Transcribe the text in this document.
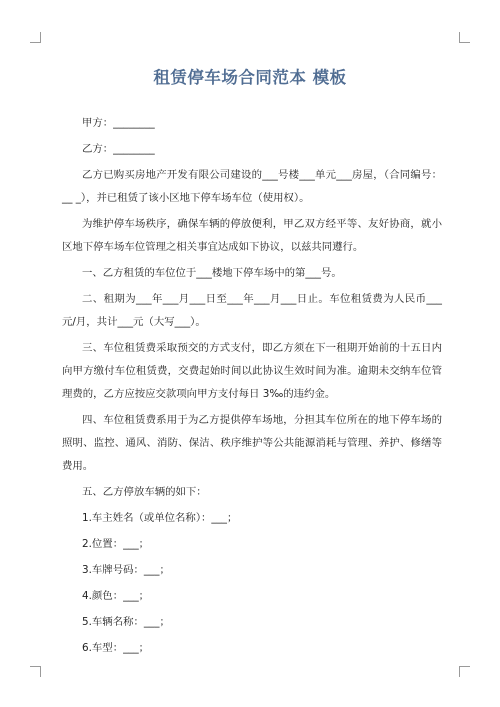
租赁停车场合同范本 模板

甲方：________

乙方：________

乙方已购买房地产开发有限公司建设的___号楼___单元___房屋，（合同编号：__ _），并已租赁了该小区地下停车场车位（使用权）。

为维护停车场秩序，确保车辆的停放便利，甲乙双方经平等、友好协商，就小区地下停车场车位管理之相关事宜达成如下协议，以兹共同遵行。

一、乙方租赁的车位位于___楼地下停车场中的第___号。

二、租期为___年___月___日至___年___月___日止。车位租赁费为人民币___元/月，共计___元（大写___）。

三、车位租赁费采取预交的方式支付，即乙方须在下一租期开始前的十五日内向甲方缴付车位租赁费，交费起始时间以此协议生效时间为准。逾期未交纳车位管理费的，乙方应按应交款项向甲方支付每日 3‰的违约金。

四、车位租赁费系用于为乙方提供停车场地，分担其车位所在的地下停车场的照明、监控、通风、消防、保洁、秩序维护等公共能源消耗与管理、养护、修缮等费用。

五、乙方停放车辆的如下：

1.车主姓名（或单位名称）：___；

2.位置：___；

3.车牌号码：___；

4.颜色：___；

5.车辆名称：___；

6.车型：___；
